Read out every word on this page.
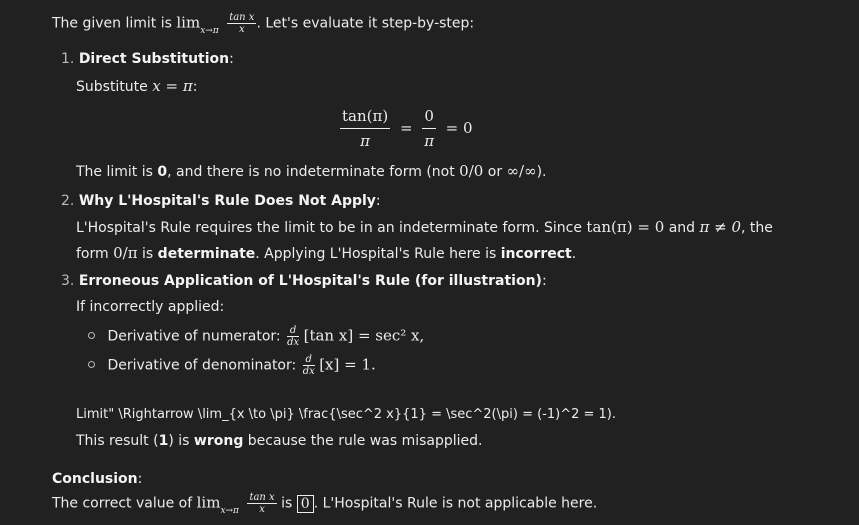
The given limit is $\lim_{x\to\pi} \frac{\text{tan x}}{x}$ . Let's evaluate it step-by-step:
1. Direct Substitution:
Substitute x = π:
$\frac{\tan(\pi)}{\pi} = \frac{0}{\pi} = 0$
The limit is 0, and there is no indeterminate form (not 0/0 or ∞/∞).
2. Why L'Hospital's Rule Does Not Apply:
L'Hospital's Rule requires the limit to be in an indeterminate form. Since tan(π) = 0 and π ≠ 0, the
form 0/π is determinate. Applying L'Hospital's Rule here is incorrect.
3. Erroneous Application of L'Hospital's Rule (for illustration):
If incorrectly applied:
Derivative of numerator: $\frac{d}{dx} [\tan$ x] = sec² x,
Derivative of denominator: $\frac{d}{dx} [x] = 1$.
Limit" \Rightarrow \lim_{x \to \pi} \frac{\sec^2 x}{1} = \sec^2(\pi) = (-1)^2 = 1).
This result (1) is wrong because the rule was misapplied.
Conclusion:
The correct value of $\lim_{x\to\pi} \frac{\text{tan x}}{x}$ is 0 . L'Hospital's Rule is not applicable here.
